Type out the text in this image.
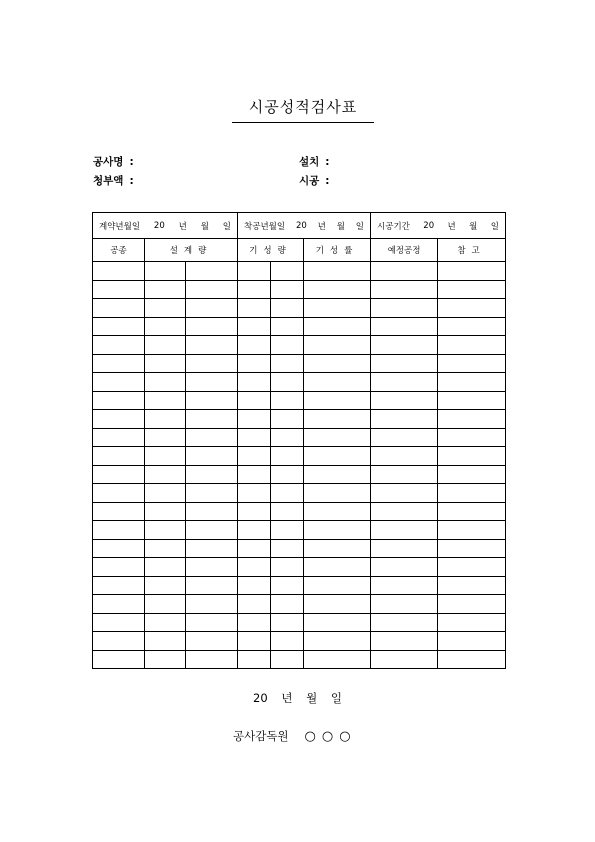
시공성적검사표
공사명 :	설치 :
청부액 :	시공 :
계약년월일 20 년 월 일			착공년월일 20 년 월 일			시공기간 20 년 월 일	

공종	설계량		기성량		기성률	예정공정	참고

20 년 월 일
공사감독원 ○○○
